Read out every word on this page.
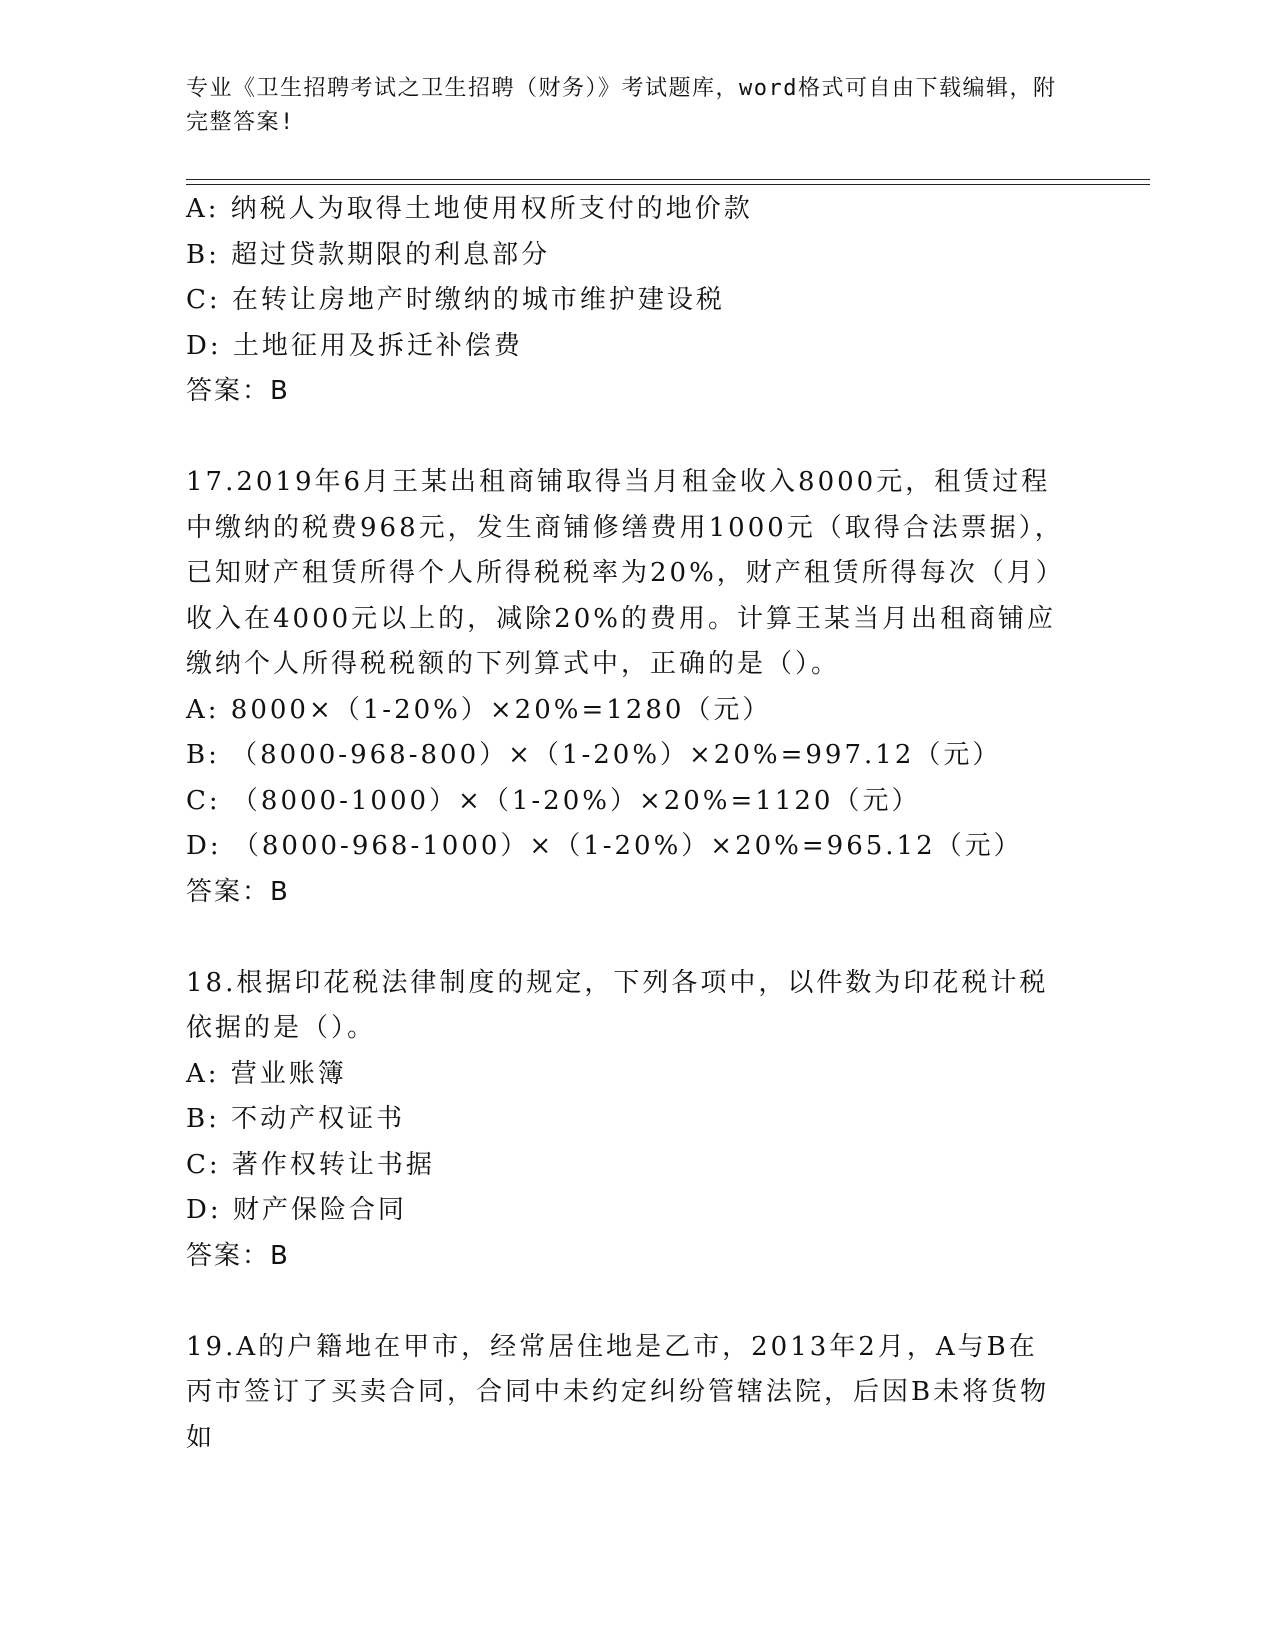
专业《卫生招聘考试之卫生招聘（财务）》考试题库，word格式可自由下载编辑，附完整答案!
A: 纳税人为取得土地使用权所支付的地价款
B: 超过贷款期限的利息部分
C: 在转让房地产时缴纳的城市维护建设税
D: 土地征用及拆迁补偿费
答案：B
17.2019年6月王某出租商铺取得当月租金收入8000元，租赁过程中缴纳的税费968元，发生商铺修缮费用1000元（取得合法票据），已知财产租赁所得个人所得税税率为20%，财产租赁所得每次（月）收入在4000元以上的，减除20%的费用。计算王某当月出租商铺应缴纳个人所得税税额的下列算式中，正确的是（）。
A: 8000×（1-20%）×20%=1280（元）
B: （8000-968-800）×（1-20%）×20%=997.12（元）
C: （8000-1000）×（1-20%）×20%=1120（元）
D: （8000-968-1000）×（1-20%）×20%=965.12（元）
答案：B
18.根据印花税法律制度的规定，下列各项中，以件数为印花税计税依据的是（）。
A: 营业账簿
B: 不动产权证书
C: 著作权转让书据
D: 财产保险合同
答案：B
19.A的户籍地在甲市，经常居住地是乙市，2013年2月，A与B在丙市签订了买卖合同，合同中未约定纠纷管辖法院，后因B未将货物如
